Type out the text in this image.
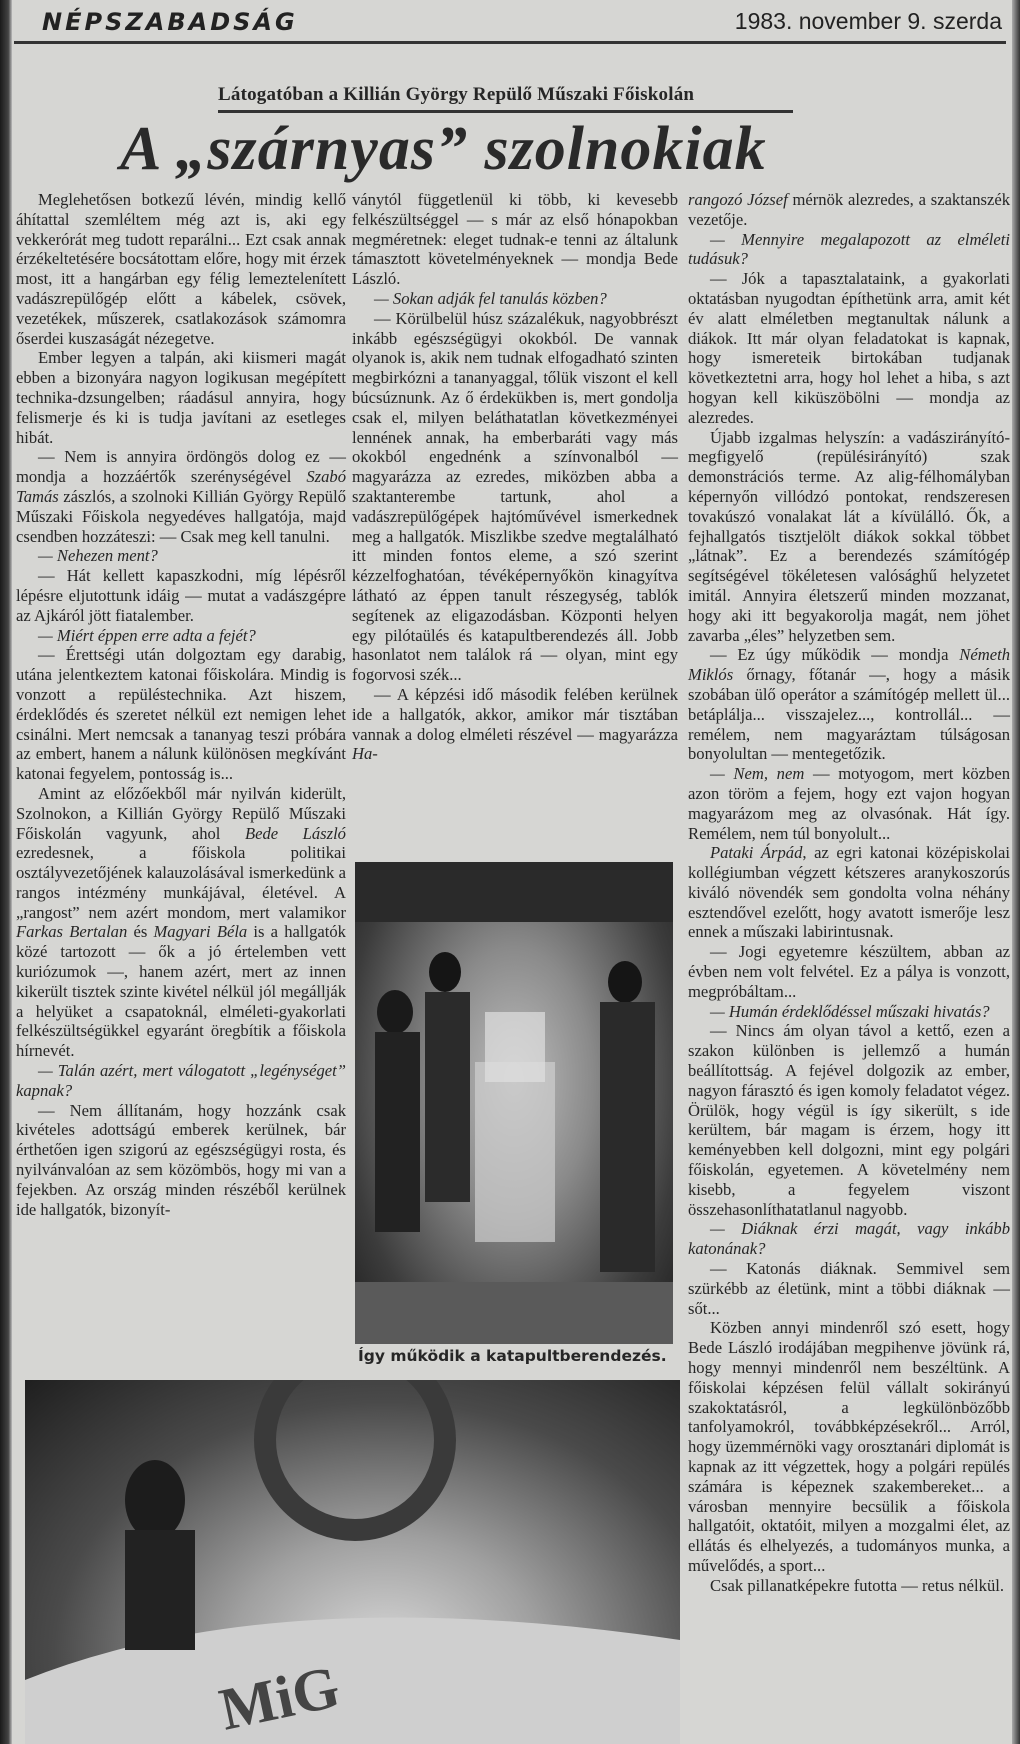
NÉPSZABADSÁG	1983. november 9. szerda
Látogatóban a Killián György Repülő Műszaki Főiskolán
A „szárnyas” szolnokiak

Meglehetősen botkezű lévén, mindig kellő áhítattal szemléltem még azt is, aki egy vekkerórát meg tudott reparálni... Ezt csak annak érzékeltetésére bocsátottam előre, hogy mit érzek most, itt a hangárban egy félig lemeztelenített vadászrepülőgép előtt a kábelek, csövek, vezetékek, műszerek, csatlakozások számomra őserdei kuszaságát nézegetve.

Ember legyen a talpán, aki kiismeri magát ebben a bizonyára nagyon logikusan megépített technika-dzsungelben; ráadásul annyira, hogy felismerje és ki is tudja javítani az esetleges hibát.

— Nem is annyira ördöngös dolog ez — mondja a hozzáértők szerénységével Szabó Tamás zászlós, a szolnoki Killián György Repülő Műszaki Főiskola negyedéves hallgatója, majd csendben hozzáteszi: — Csak meg kell tanulni.

— Nehezen ment?

— Hát kellett kapaszkodni, míg lépésről lépésre eljutottunk idáig — mutat a vadászgépre az Ajkáról jött fiatalember.

— Miért éppen erre adta a fejét?

— Érettségi után dolgoztam egy darabig, utána jelentkeztem katonai főiskolára. Mindig is vonzott a repüléstechnika. Azt hiszem, érdeklődés és szeretet nélkül ezt nemigen lehet csinálni. Mert nemcsak a tananyag teszi próbára az embert, hanem a nálunk különösen megkívánt katonai fegyelem, pontosság is...

Amint az előzőekből már nyilván kiderült, Szolnokon, a Killián György Repülő Műszaki Főiskolán vagyunk, ahol Bede László ezredesnek, a főiskola politikai osztályvezetőjének kalauzolásával ismerkedünk a rangos intézmény munkájával, életével. A „rangost” nem azért mondom, mert valamikor Farkas Bertalan és Magyari Béla is a hallgatók közé tartozott — ők a jó értelemben vett kuriózumok —, hanem azért, mert az innen kikerült tisztek szinte kivétel nélkül jól megállják a helyüket a csapatoknál, elméleti-gyakorlati felkészültségükkel egyaránt öregbítik a főiskola hírnevét.

— Talán azért, mert válogatott „legénységet” kapnak?

— Nem állítanám, hogy hozzánk csak kivételes adottságú emberek kerülnek, bár érthetően igen szigorú az egészségügyi rosta, és nyilvánvalóan az sem közömbös, hogy mi van a fejekben. Az ország minden részéből kerülnek ide hallgatók, bizonyít-

ványtól függetlenül ki több, ki kevesebb felkészültséggel — s már az első hónapokban megméretnek: eleget tudnak-e tenni az általunk támasztott követelményeknek — mondja Bede László.

— Sokan adják fel tanulás közben?

— Körülbelül húsz százalékuk, nagyobbrészt inkább egészségügyi okokból. De vannak olyanok is, akik nem tudnak elfogadható szinten megbirkózni a tananyaggal, tőlük viszont el kell búcsúznunk. Az ő érdekükben is, mert gondolja csak el, milyen beláthatatlan következményei lennének annak, ha emberbaráti vagy más okokból engednénk a színvonalból — magyarázza az ezredes, miközben abba a szaktanterembe tartunk, ahol a vadászrepülőgépek hajtóművével ismerkednek meg a hallgatók. Miszlikbe szedve megtalálható itt minden fontos eleme, a szó szerint kézzelfoghatóan, tévéképernyőkön kinagyítva látható az éppen tanult részegység, tablók segítenek az eligazodásban. Központi helyen egy pilótaülés és katapultberendezés áll. Jobb hasonlatot nem találok rá — olyan, mint egy fogorvosi szék...

— A képzési idő második felében kerülnek ide a hallgatók, akkor, amikor már tisztában vannak a dolog elméleti részével — magyarázza Ha-

rangozó József mérnök alezredes, a szaktanszék vezetője.

— Mennyire megalapozott az elméleti tudásuk?

— Jók a tapasztalataink, a gyakorlati oktatásban nyugodtan építhetünk arra, amit két év alatt elméletben megtanultak nálunk a diákok. Itt már olyan feladatokat is kapnak, hogy ismereteik birtokában tudjanak következtetni arra, hogy hol lehet a hiba, s azt hogyan kell kiküszöbölni — mondja az alezredes.

Újabb izgalmas helyszín: a vadászirányító-megfigyelő (repülésirányító) szak demonstrációs terme. Az alig-félhomályban képernyőn villódzó pontokat, rendszeresen tovakúszó vonalakat lát a kívülálló. Ők, a fejhallgatós tisztjelölt diákok sokkal többet „látnak”. Ez a berendezés számítógép segítségével tökéletesen valósághű helyzetet imitál. Annyira életszerű minden mozzanat, hogy aki itt begyakorolja magát, nem jöhet zavarba „éles” helyzetben sem.

— Ez úgy működik — mondja Németh Miklós őrnagy, főtanár —, hogy a másik szobában ülő operátor a számítógép mellett ül... betáplálja... visszajelez..., kontrollál... — remélem, nem magyaráztam túlságosan bonyolultan — mentegetőzik.

— Nem, nem — motyogom, mert közben azon töröm a fejem, hogy ezt vajon hogyan magyarázom meg az olvasónak. Hát így. Remélem, nem túl bonyolult...

Pataki Árpád, az egri katonai középiskolai kollégiumban végzett kétszeres aranykoszorús kiváló növendék sem gondolta volna néhány esztendővel ezelőtt, hogy avatott ismerője lesz ennek a műszaki labirintusnak.

— Jogi egyetemre készültem, abban az évben nem volt felvétel. Ez a pálya is vonzott, megpróbáltam...

— Humán érdeklődéssel műszaki hivatás?

— Nincs ám olyan távol a kettő, ezen a szakon különben is jellemző a humán beállítottság. A fejével dolgozik az ember, nagyon fárasztó és igen komoly feladatot végez. Örülök, hogy végül is így sikerült, s ide kerültem, bár magam is érzem, hogy itt keményebben kell dolgozni, mint egy polgári főiskolán, egyetemen. A követelmény nem kisebb, a fegyelem viszont összehasonlíthatatlanul nagyobb.

— Diáknak érzi magát, vagy inkább katonának?

— Katonás diáknak. Semmivel sem szürkébb az életünk, mint a többi diáknak — sőt...

Közben annyi mindenről szó esett, hogy Bede László irodájában megpihenve jövünk rá, hogy mennyi mindenről nem beszéltünk. A főiskolai képzésen felül vállalt sokirányú szakoktatásról, a legkülönbözőbb tanfolyamokról, továbbképzésekről... Arról, hogy üzemmérnöki vagy orosztanári diplomát is kapnak az itt végzettek, hogy a polgári repülés számára is képeznek szakembereket... a városban mennyire becsülik a főiskola hallgatóit, oktatóit, milyen a mozgalmi élet, az ellátás és elhelyezés, a tudományos munka, a művelődés, a sport...

Csak pillanatképekre futotta — retus nélkül.

Így működik a katapultberendezés.
MiG
